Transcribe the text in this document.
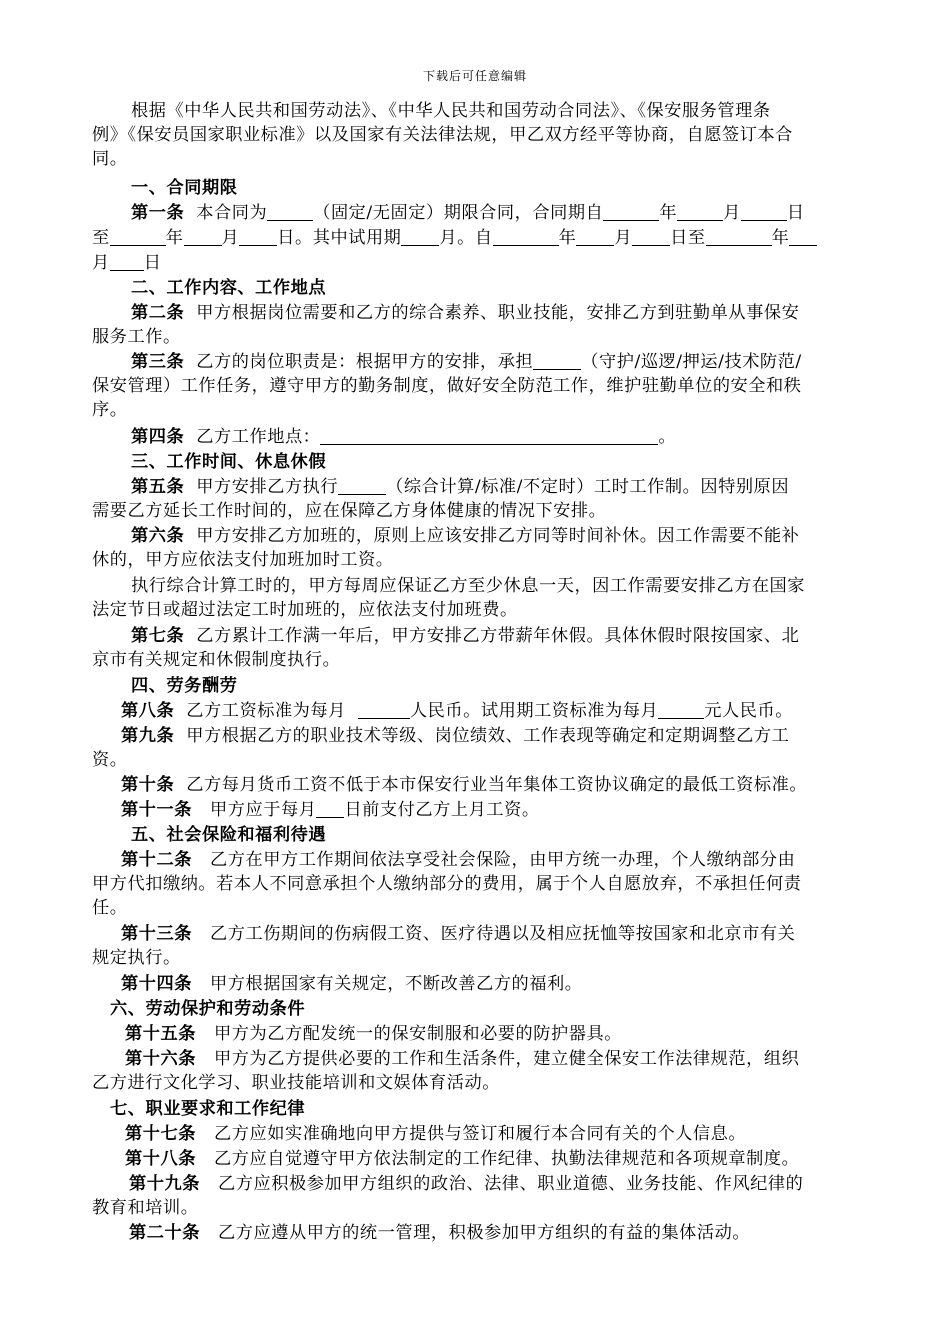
下载后可任意编辑
根据《中华人民共和国劳动法》、《中华人民共和国劳动合同法》、《保安服务管理条
例》《保安员国家职业标准》以及国家有关法律法规，甲乙双方经平等协商，自愿签订本合
同。
一、合同期限
第一条 本合同为	（固定/无固定）期限合同，合同期自	年	月	日
至	年 月 日。其中试用期 月。自	年 月 日至	年
月 日
二、工作内容、工作地点
第二条 甲方根据岗位需要和乙方的综合素养、职业技能，安排乙方到驻勤单从事保安
服务工作。
第三条 乙方的岗位职责是：根据甲方的安排，承担	（守护/巡逻/押运/技术防范/
保安管理）工作任务，遵守甲方的勤务制度，做好安全防范工作，维护驻勤单位的安全和秩
序。
第四条 乙方工作地点：	。
三、工作时间、休息休假
第五条 甲方安排乙方执行	（综合计算/标准/不定时）工时工作制。因特别原因
需要乙方延长工作时间的，应在保障乙方身体健康的情况下安排。
第六条 甲方安排乙方加班的，原则上应该安排乙方同等时间补休。因工作需要不能补
休的，甲方应依法支付加班加时工资。
执行综合计算工时的，甲方每周应保证乙方至少休息一天，因工作需要安排乙方在国家
法定节日或超过法定工时加班的，应依法支付加班费。
第七条 乙方累计工作满一年后，甲方安排乙方带薪年休假。具体休假时限按国家、北
京市有关规定和休假制度执行。
四、劳务酬劳
第八条 乙方工资标准为每月	人民币。试用期工资标准为每月	元人民币。
第九条 甲方根据乙方的职业技术等级、岗位绩效、工作表现等确定和定期调整乙方工
资。
第十条 乙方每月货币工资不低于本市保安行业当年集体工资协议确定的最低工资标准。
第十一条 甲方应于每月 日前支付乙方上月工资。
五、社会保险和福利待遇
第十二条 乙方在甲方工作期间依法享受社会保险，由甲方统一办理，个人缴纳部分由
甲方代扣缴纳。若本人不同意承担个人缴纳部分的费用，属于个人自愿放弃，不承担任何责
任。
第十三条 乙方工伤期间的伤病假工资、医疗待遇以及相应抚恤等按国家和北京市有关
规定执行。
第十四条 甲方根据国家有关规定，不断改善乙方的福利。
六、劳动保护和劳动条件
第十五条 甲方为乙方配发统一的保安制服和必要的防护器具。
第十六条 甲方为乙方提供必要的工作和生活条件，建立健全保安工作法律规范，组织
乙方进行文化学习、职业技能培训和文娱体育活动。
七、职业要求和工作纪律
第十七条 乙方应如实准确地向甲方提供与签订和履行本合同有关的个人信息。
第十八条 乙方应自觉遵守甲方依法制定的工作纪律、执勤法律规范和各项规章制度。
第十九条 乙方应积极参加甲方组织的政治、法律、职业道德、业务技能、作风纪律的
教育和培训。
第二十条 乙方应遵从甲方的统一管理，积极参加甲方组织的有益的集体活动。
